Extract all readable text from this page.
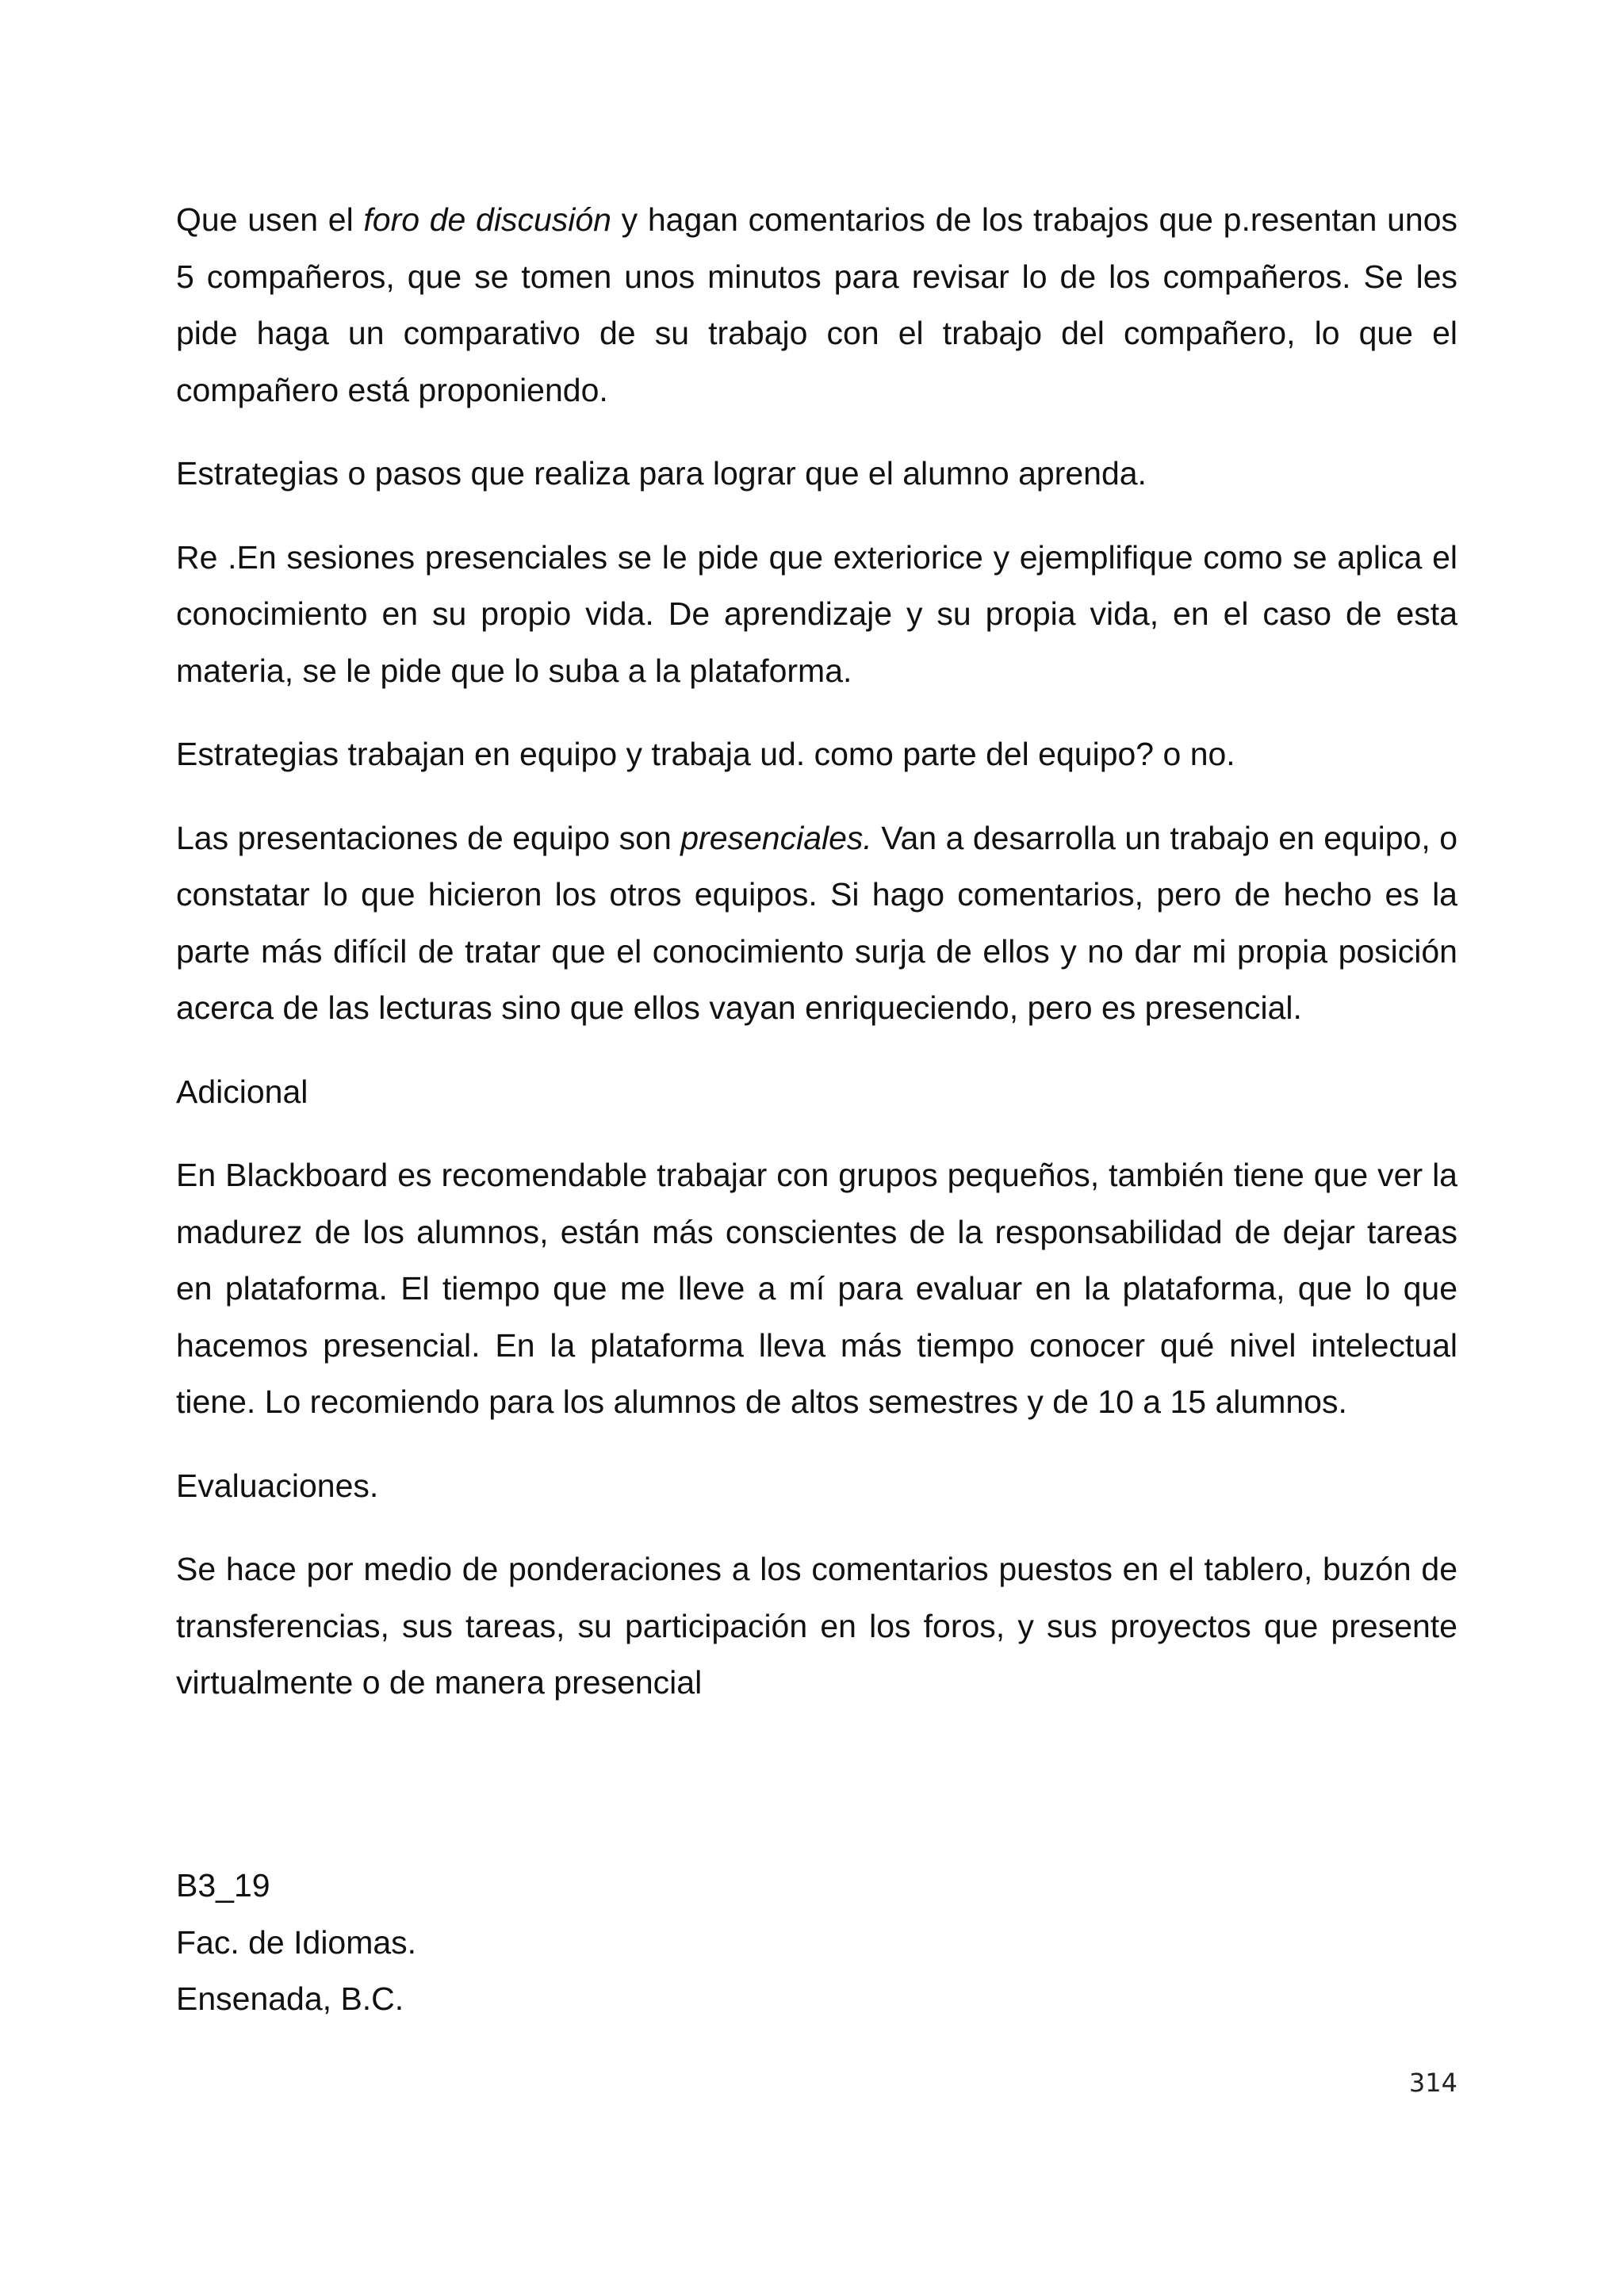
Que usen el foro de discusión y hagan comentarios de los trabajos que p.resentan unos 5 compañeros, que se tomen unos minutos para revisar lo de los compañeros. Se les pide haga un comparativo de su trabajo con el trabajo del compañero, lo que el compañero está proponiendo.

Estrategias o pasos que realiza para lograr que el alumno aprenda.

Re .En sesiones presenciales se le pide que exteriorice y ejemplifique como se aplica el conocimiento en su propio vida. De aprendizaje y su propia vida, en el caso de esta materia, se le pide que lo suba a la plataforma.

Estrategias trabajan en equipo y trabaja ud. como parte del equipo? o no.

Las presentaciones de equipo son presenciales. Van a desarrolla un trabajo en equipo, o constatar lo que hicieron los otros equipos. Si hago comentarios, pero de hecho es la parte más difícil de tratar que el conocimiento surja de ellos y no dar mi propia posición acerca de las lecturas sino que ellos vayan enriqueciendo, pero es presencial.

Adicional

En Blackboard es recomendable trabajar con grupos pequeños, también tiene que ver la madurez de los alumnos, están más conscientes de la responsabilidad de dejar tareas en plataforma. El tiempo que me lleve a mí para evaluar en la plataforma, que lo que hacemos presencial. En la plataforma lleva más tiempo conocer qué nivel intelectual tiene. Lo recomiendo para los alumnos de altos semestres y de 10 a 15 alumnos.

Evaluaciones.

Se hace por medio de ponderaciones a los comentarios puestos en el tablero, buzón de transferencias, sus tareas, su participación en los foros, y sus proyectos que presente virtualmente o de manera presencial

B3_19
Fac. de Idiomas.
Ensenada, B.C.
314
